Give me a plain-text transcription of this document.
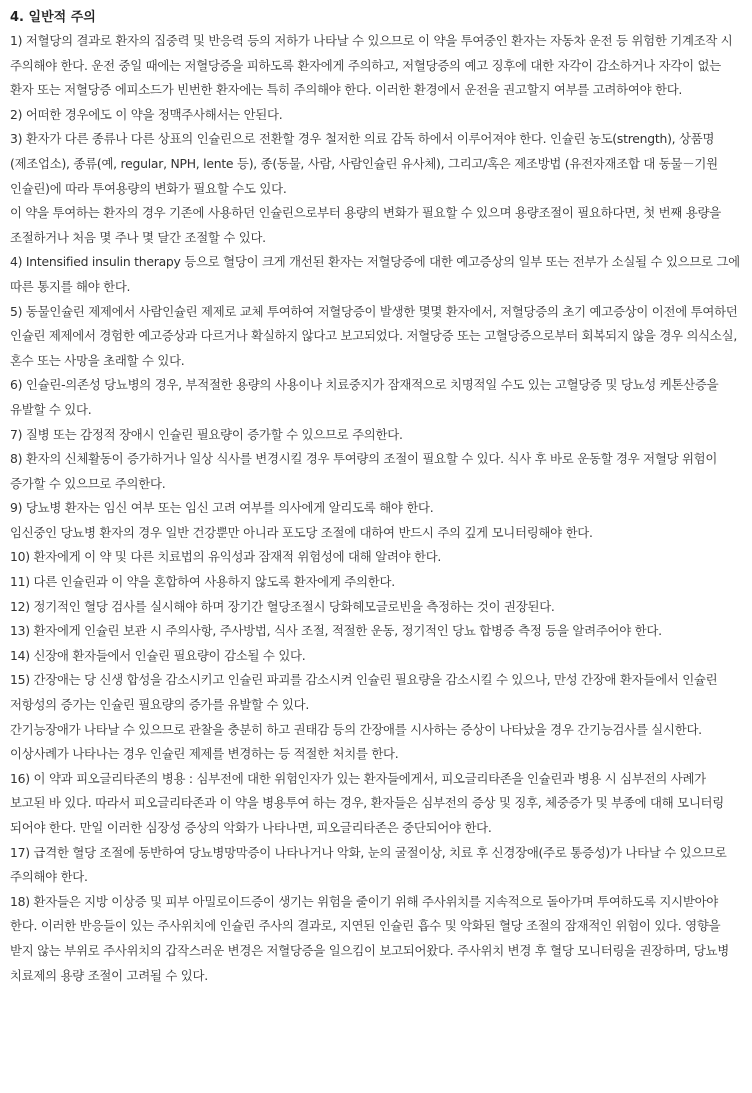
4. 일반적 주의

1) 저혈당의 결과로 환자의 집중력 및 반응력 등의 저하가 나타날 수 있으므로 이 약을 투여중인 환자는 자동차 운전 등 위험한 기계조작 시 주의해야 한다. 운전 중일 때에는 저혈당증을 피하도록 환자에게 주의하고, 저혈당증의 예고 징후에 대한 자각이 감소하거나 자각이 없는 환자 또는 저혈당증 에피소드가 빈번한 환자에는 특히 주의해야 한다. 이러한 환경에서 운전을 권고할지 여부를 고려하여야 한다.

2) 어떠한 경우에도 이 약을 정맥주사해서는 안된다.

3) 환자가 다른 종류나 다른 상표의 인슐린으로 전환할 경우 철저한 의료 감독 하에서 이루어져야 한다. 인슐린 농도(strength), 상품명 (제조업소), 종류(예, regular, NPH, lente 등), 종(동물, 사람, 사람인슐린 유사체), 그리고/혹은 제조방법 (유전자재조합 대 동물－기원 인슐린)에 따라 투여용량의 변화가 필요할 수도 있다.

이 약을 투여하는 환자의 경우 기존에 사용하던 인슐린으로부터 용량의 변화가 필요할 수 있으며 용량조절이 필요하다면, 첫 번째 용량을 조절하거나 처음 몇 주나 몇 달간 조절할 수 있다.

4) Intensified insulin therapy 등으로 혈당이 크게 개선된 환자는 저혈당증에 대한 예고증상의 일부 또는 전부가 소실될 수 있으므로 그에 따른 통지를 해야 한다.

5) 동물인슐린 제제에서 사람인슐린 제제로 교체 투여하여 저혈당증이 발생한 몇몇 환자에서, 저혈당증의 초기 예고증상이 이전에 투여하던 인슐린 제제에서 경험한 예고증상과 다르거나 확실하지 않다고 보고되었다. 저혈당증 또는 고혈당증으로부터 회복되지 않을 경우 의식소실, 혼수 또는 사망을 초래할 수 있다.

6) 인슐린-의존성 당뇨병의 경우, 부적절한 용량의 사용이나 치료중지가 잠재적으로 치명적일 수도 있는 고혈당증 및 당뇨성 케톤산증을 유발할 수 있다.

7) 질병 또는 감정적 장애시 인슐린 필요량이 증가할 수 있으므로 주의한다.

8) 환자의 신체활동이 증가하거나 일상 식사를 변경시킬 경우 투여량의 조절이 필요할 수 있다. 식사 후 바로 운동할 경우 저혈당 위험이 증가할 수 있으므로 주의한다.

9) 당뇨병 환자는 임신 여부 또는 임신 고려 여부를 의사에게 알리도록 해야 한다.

임신중인 당뇨병 환자의 경우 일반 건강뿐만 아니라 포도당 조절에 대하여 반드시 주의 깊게 모니터링해야 한다.

10) 환자에게 이 약 및 다른 치료법의 유익성과 잠재적 위험성에 대해 알려야 한다.

11) 다른 인슐린과 이 약을 혼합하여 사용하지 않도록 환자에게 주의한다.

12) 정기적인 혈당 검사를 실시해야 하며 장기간 혈당조절시 당화헤모글로빈을 측정하는 것이 권장된다.

13) 환자에게 인슐린 보관 시 주의사항, 주사방법, 식사 조절, 적절한 운동, 정기적인 당뇨 합병증 측정 등을 알려주어야 한다.

14) 신장애 환자들에서 인슐린 필요량이 감소될 수 있다.

15) 간장애는 당 신생 합성을 감소시키고 인슐린 파괴를 감소시켜 인슐린 필요량을 감소시킬 수 있으나, 만성 간장애 환자들에서 인슐린 저항성의 증가는 인슐린 필요량의 증가를 유발할 수 있다.

간기능장애가 나타날 수 있으므로 관찰을 충분히 하고 권태감 등의 간장애를 시사하는 증상이 나타났을 경우 간기능검사를 실시한다. 이상사례가 나타나는 경우 인슐린 제제를 변경하는 등 적절한 처치를 한다.

16) 이 약과 피오글리타존의 병용 : 심부전에 대한 위험인자가 있는 환자들에게서, 피오글리타존을 인슐린과 병용 시 심부전의 사례가 보고된 바 있다. 따라서 피오글리타존과 이 약을 병용투여 하는 경우, 환자들은 심부전의 증상 및 징후, 체중증가 및 부종에 대해 모니터링 되어야 한다. 만일 이러한 심장성 증상의 악화가 나타나면, 피오글리타존은 중단되어야 한다.

17) 급격한 혈당 조절에 동반하여 당뇨병망막증이 나타나거나 악화, 눈의 굴절이상, 치료 후 신경장애(주로 통증성)가 나타날 수 있으므로 주의해야 한다.

18) 환자들은 지방 이상증 및 피부 아밀로이드증이 생기는 위험을 줄이기 위해 주사위치를 지속적으로 돌아가며 투여하도록 지시받아야 한다. 이러한 반응들이 있는 주사위치에 인슐린 주사의 결과로, 지연된 인슐린 흡수 및 악화된 혈당 조절의 잠재적인 위험이 있다. 영향을 받지 않는 부위로 주사위치의 갑작스러운 변경은 저혈당증을 일으킴이 보고되어왔다. 주사위치 변경 후 혈당 모니터링을 권장하며, 당뇨병 치료제의 용량 조절이 고려될 수 있다.
